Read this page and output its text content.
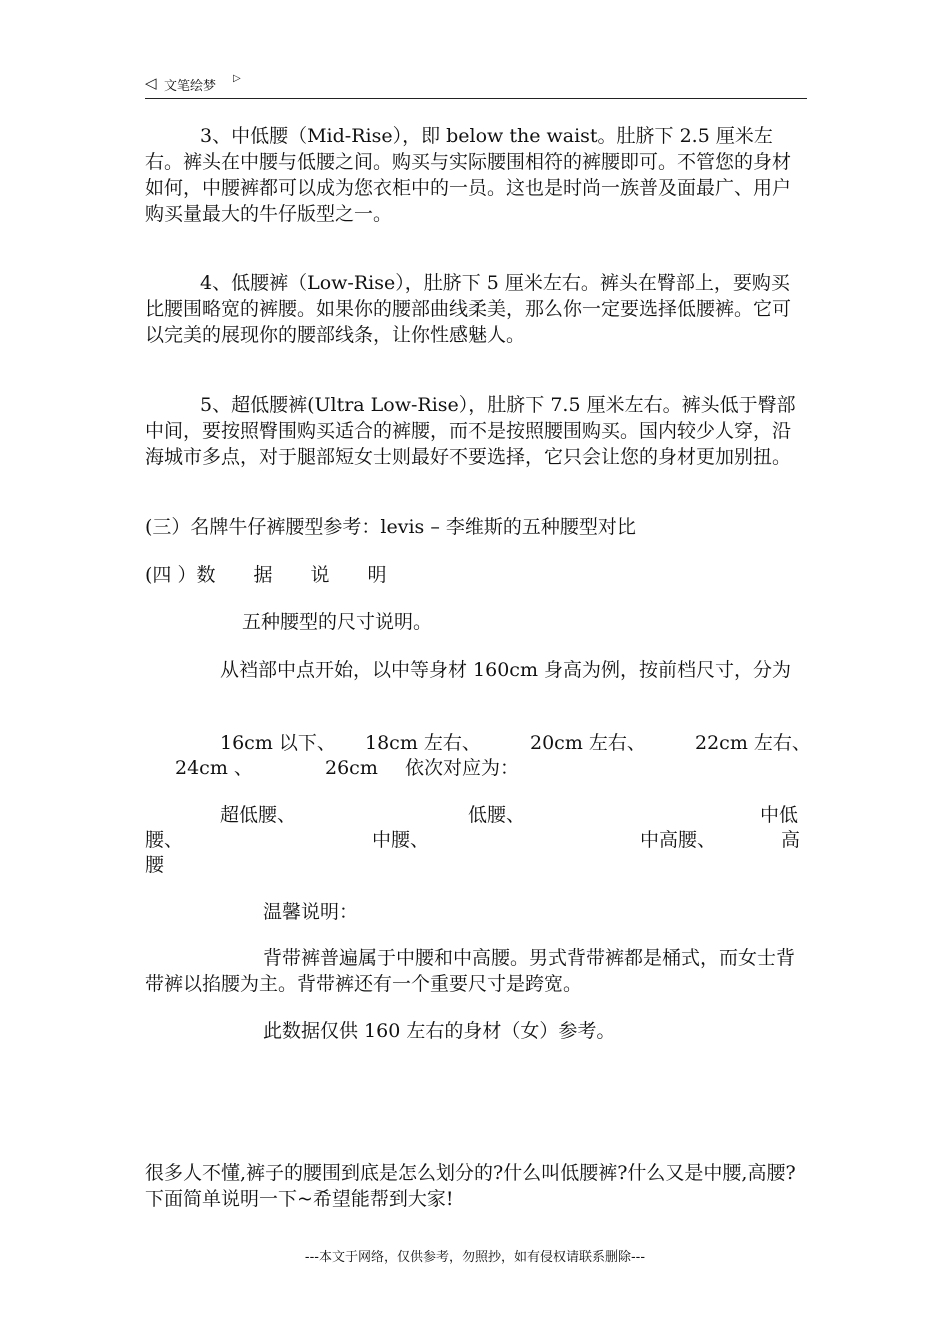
◁ 文笔绘梦
▷

3、中低腰（Mid-Rise），即 below the waist。肚脐下 2.5 厘米左右。裤头在中腰与低腰之间。购买与实际腰围相符的裤腰即可。不管您的身材如何，中腰裤都可以成为您衣柜中的一员。这也是时尚一族普及面最广、用户购买量最大的牛仔版型之一。

4、低腰裤（Low-Rise），肚脐下 5 厘米左右。裤头在臀部上，要购买比腰围略宽的裤腰。如果你的腰部曲线柔美，那么你一定要选择低腰裤。它可以完美的展现你的腰部线条，让你性感魅人。

5、超低腰裤(Ultra Low-Rise），肚脐下 7.5 厘米左右。裤头低于臀部中间，要按照臀围购买适合的裤腰，而不是按照腰围购买。国内较少人穿，沿海城市多点，对于腿部短女士则最好不要选择，它只会让您的身材更加别扭。

(三）名牌牛仔裤腰型参考：levis – 李维斯的五种腰型对比

(四 ）数　　据　　说　　明

五种腰型的尺寸说明。

从裆部中点开始，以中等身材 160cm 身高为例，按前档尺寸，分为

16cm 以下、 18cm 左右、	20cm 左右、	22cm 左右、
24cm 、	26cm 依次对应为：
超低腰、	低腰、	中低
腰、	中腰、	中高腰、	高
腰

温馨说明：

背带裤普遍属于中腰和中高腰。男式背带裤都是桶式，而女士背带裤以掐腰为主。背带裤还有一个重要尺寸是跨宽。

此数据仅供 160 左右的身材（女）参考。

很多人不懂,裤子的腰围到底是怎么划分的?什么叫低腰裤?什么又是中腰,高腰?下面简单说明一下~希望能帮到大家!

---本文于网络，仅供参考，勿照抄，如有侵权请联系删除---
